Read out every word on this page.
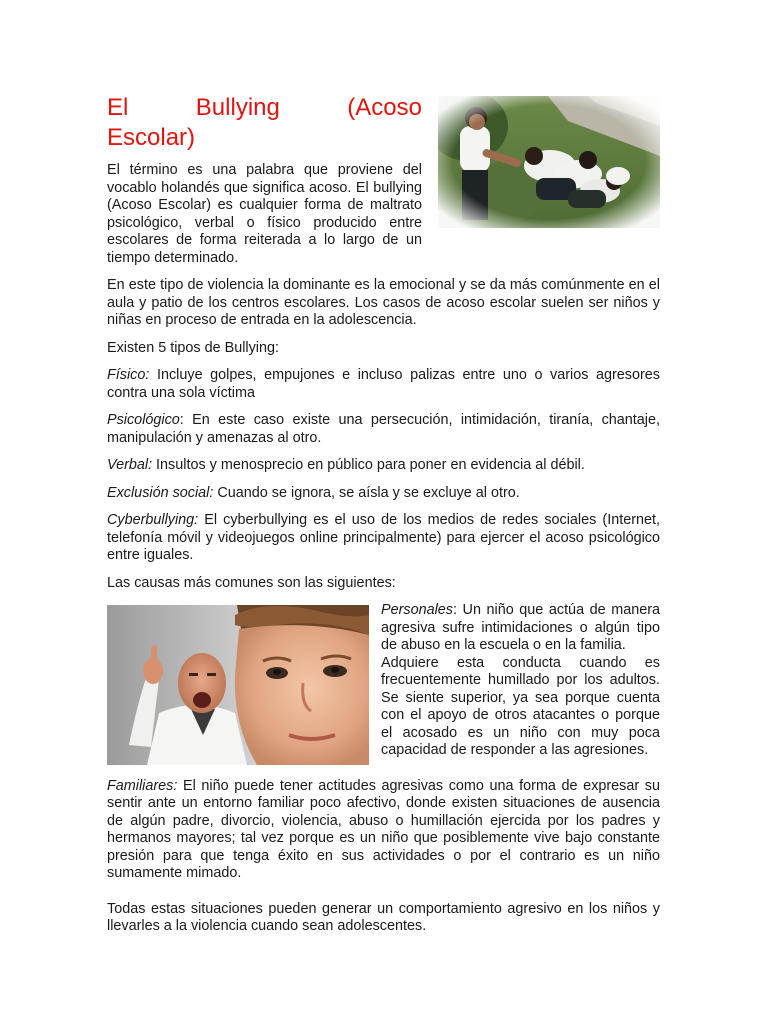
El Bullying (Acoso
Escolar)

El término es una palabra que proviene del vocablo holandés que significa acoso. El bullying (Acoso Escolar) es cualquier forma de maltrato psicológico, verbal o físico producido entre escolares de forma reiterada a lo largo de un tiempo determinado.

En este tipo de violencia la dominante es la emocional y se da más comúnmente en el aula y patio de los centros escolares. Los casos de acoso escolar suelen ser niños y niñas en proceso de entrada en la adolescencia.

Existen 5 tipos de Bullying:

Físico: Incluye golpes, empujones e incluso palizas entre uno o varios agresores contra una sola víctima

Psicológico: En este caso existe una persecución, intimidación, tiranía, chantaje, manipulación y amenazas al otro.

Verbal: Insultos y menosprecio en público para poner en evidencia al débil.

Exclusión social: Cuando se ignora, se aísla y se excluye al otro.

Cyberbullying: El cyberbullying es el uso de los medios de redes sociales (Internet, telefonía móvil y videojuegos online principalmente) para ejercer el acoso psicológico entre iguales.

Las causas más comunes son las siguientes:

Personales: Un niño que actúa de manera agresiva sufre intimidaciones o algún tipo de abuso en la escuela o en la familia.

Adquiere esta conducta cuando es frecuentemente humillado por los adultos. Se siente superior, ya sea porque cuenta con el apoyo de otros atacantes o porque el acosado es un niño con muy poca capacidad de responder a las agresiones.

Familiares: El niño puede tener actitudes agresivas como una forma de expresar su sentir ante un entorno familiar poco afectivo, donde existen situaciones de ausencia de algún padre, divorcio, violencia, abuso o humillación ejercida por los padres y hermanos mayores; tal vez porque es un niño que posiblemente vive bajo constante presión para que tenga éxito en sus actividades o por el contrario es un niño sumamente mimado.

Todas estas situaciones pueden generar un comportamiento agresivo en los niños y llevarles a la violencia cuando sean adolescentes.
